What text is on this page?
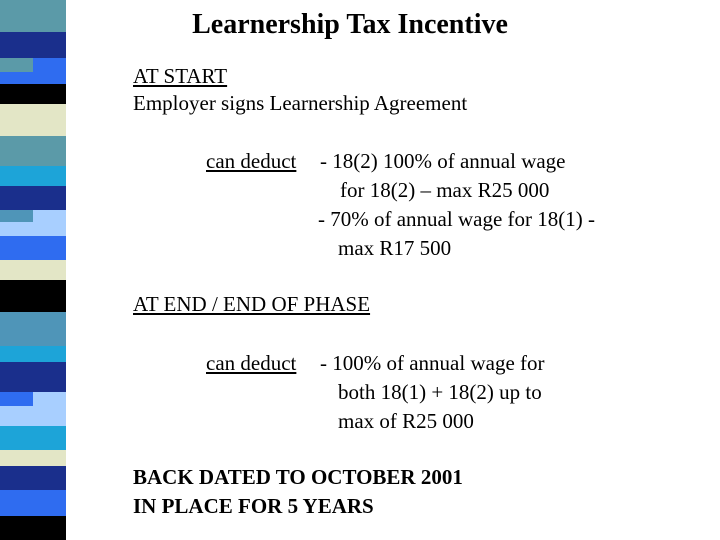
Learnership Tax Incentive
AT START
Employer signs Learnership Agreement
can deduct - 18(2) 100% of annual wage
for 18(2) – max R25 000
- 70% of annual wage for 18(1) -
max R17 500
AT END / END OF PHASE
can deduct - 100% of annual wage for
both 18(1) + 18(2) up to
max of R25 000
BACK DATED TO OCTOBER 2001
IN PLACE FOR 5 YEARS
